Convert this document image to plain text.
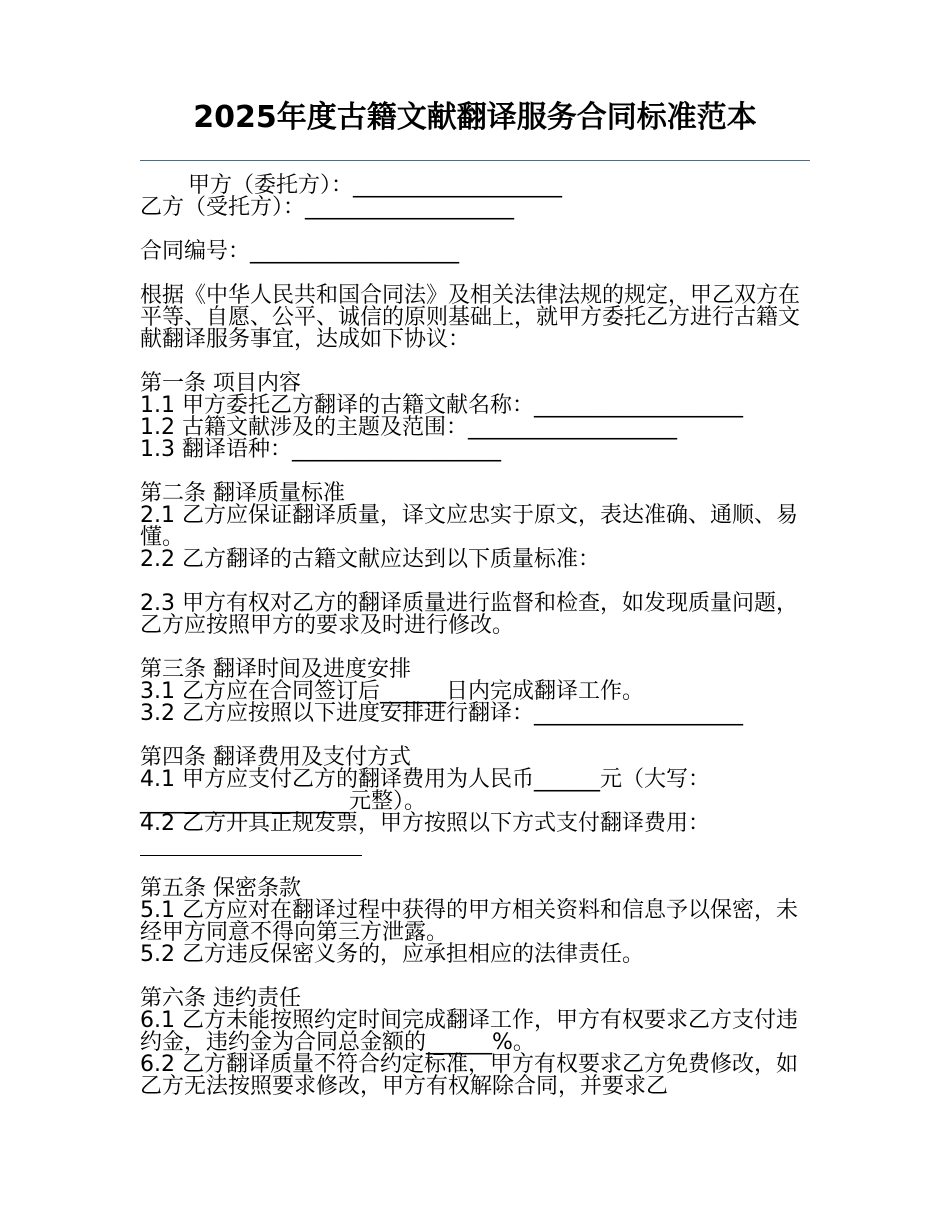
2025年度古籍文献翻译服务合同标准范本

甲方（委托方）：___________________

乙方（受托方）：___________________

合同编号：___________________

根据《中华人民共和国合同法》及相关法律法规的规定，甲乙双方在平等、自愿、公平、诚信的原则基础上，就甲方委托乙方进行古籍文献翻译服务事宜，达成如下协议：

第一条 项目内容

1.1 甲方委托乙方翻译的古籍文献名称：___________________

1.2 古籍文献涉及的主题及范围：___________________

1.3 翻译语种：___________________

第二条 翻译质量标准

2.1 乙方应保证翻译质量，译文应忠实于原文，表达准确、通顺、易懂。

2.2 乙方翻译的古籍文献应达到以下质量标准：

2.3 甲方有权对乙方的翻译质量进行监督和检查，如发现质量问题，乙方应按照甲方的要求及时进行修改。

第三条 翻译时间及进度安排

3.1 乙方应在合同签订后______日内完成翻译工作。

3.2 乙方应按照以下进度安排进行翻译：___________________

第四条 翻译费用及支付方式

4.1 甲方应支付乙方的翻译费用为人民币______元（大写：___________________元整）。

4.2 乙方开具正规发票，甲方按照以下方式支付翻译费用：

第五条 保密条款

5.1 乙方应对在翻译过程中获得的甲方相关资料和信息予以保密，未经甲方同意不得向第三方泄露。

5.2 乙方违反保密义务的，应承担相应的法律责任。

第六条 违约责任

6.1 乙方未能按照约定时间完成翻译工作，甲方有权要求乙方支付违约金，违约金为合同总金额的______%。

6.2 乙方翻译质量不符合约定标准，甲方有权要求乙方免费修改，如乙方无法按照要求修改，甲方有权解除合同，并要求乙
